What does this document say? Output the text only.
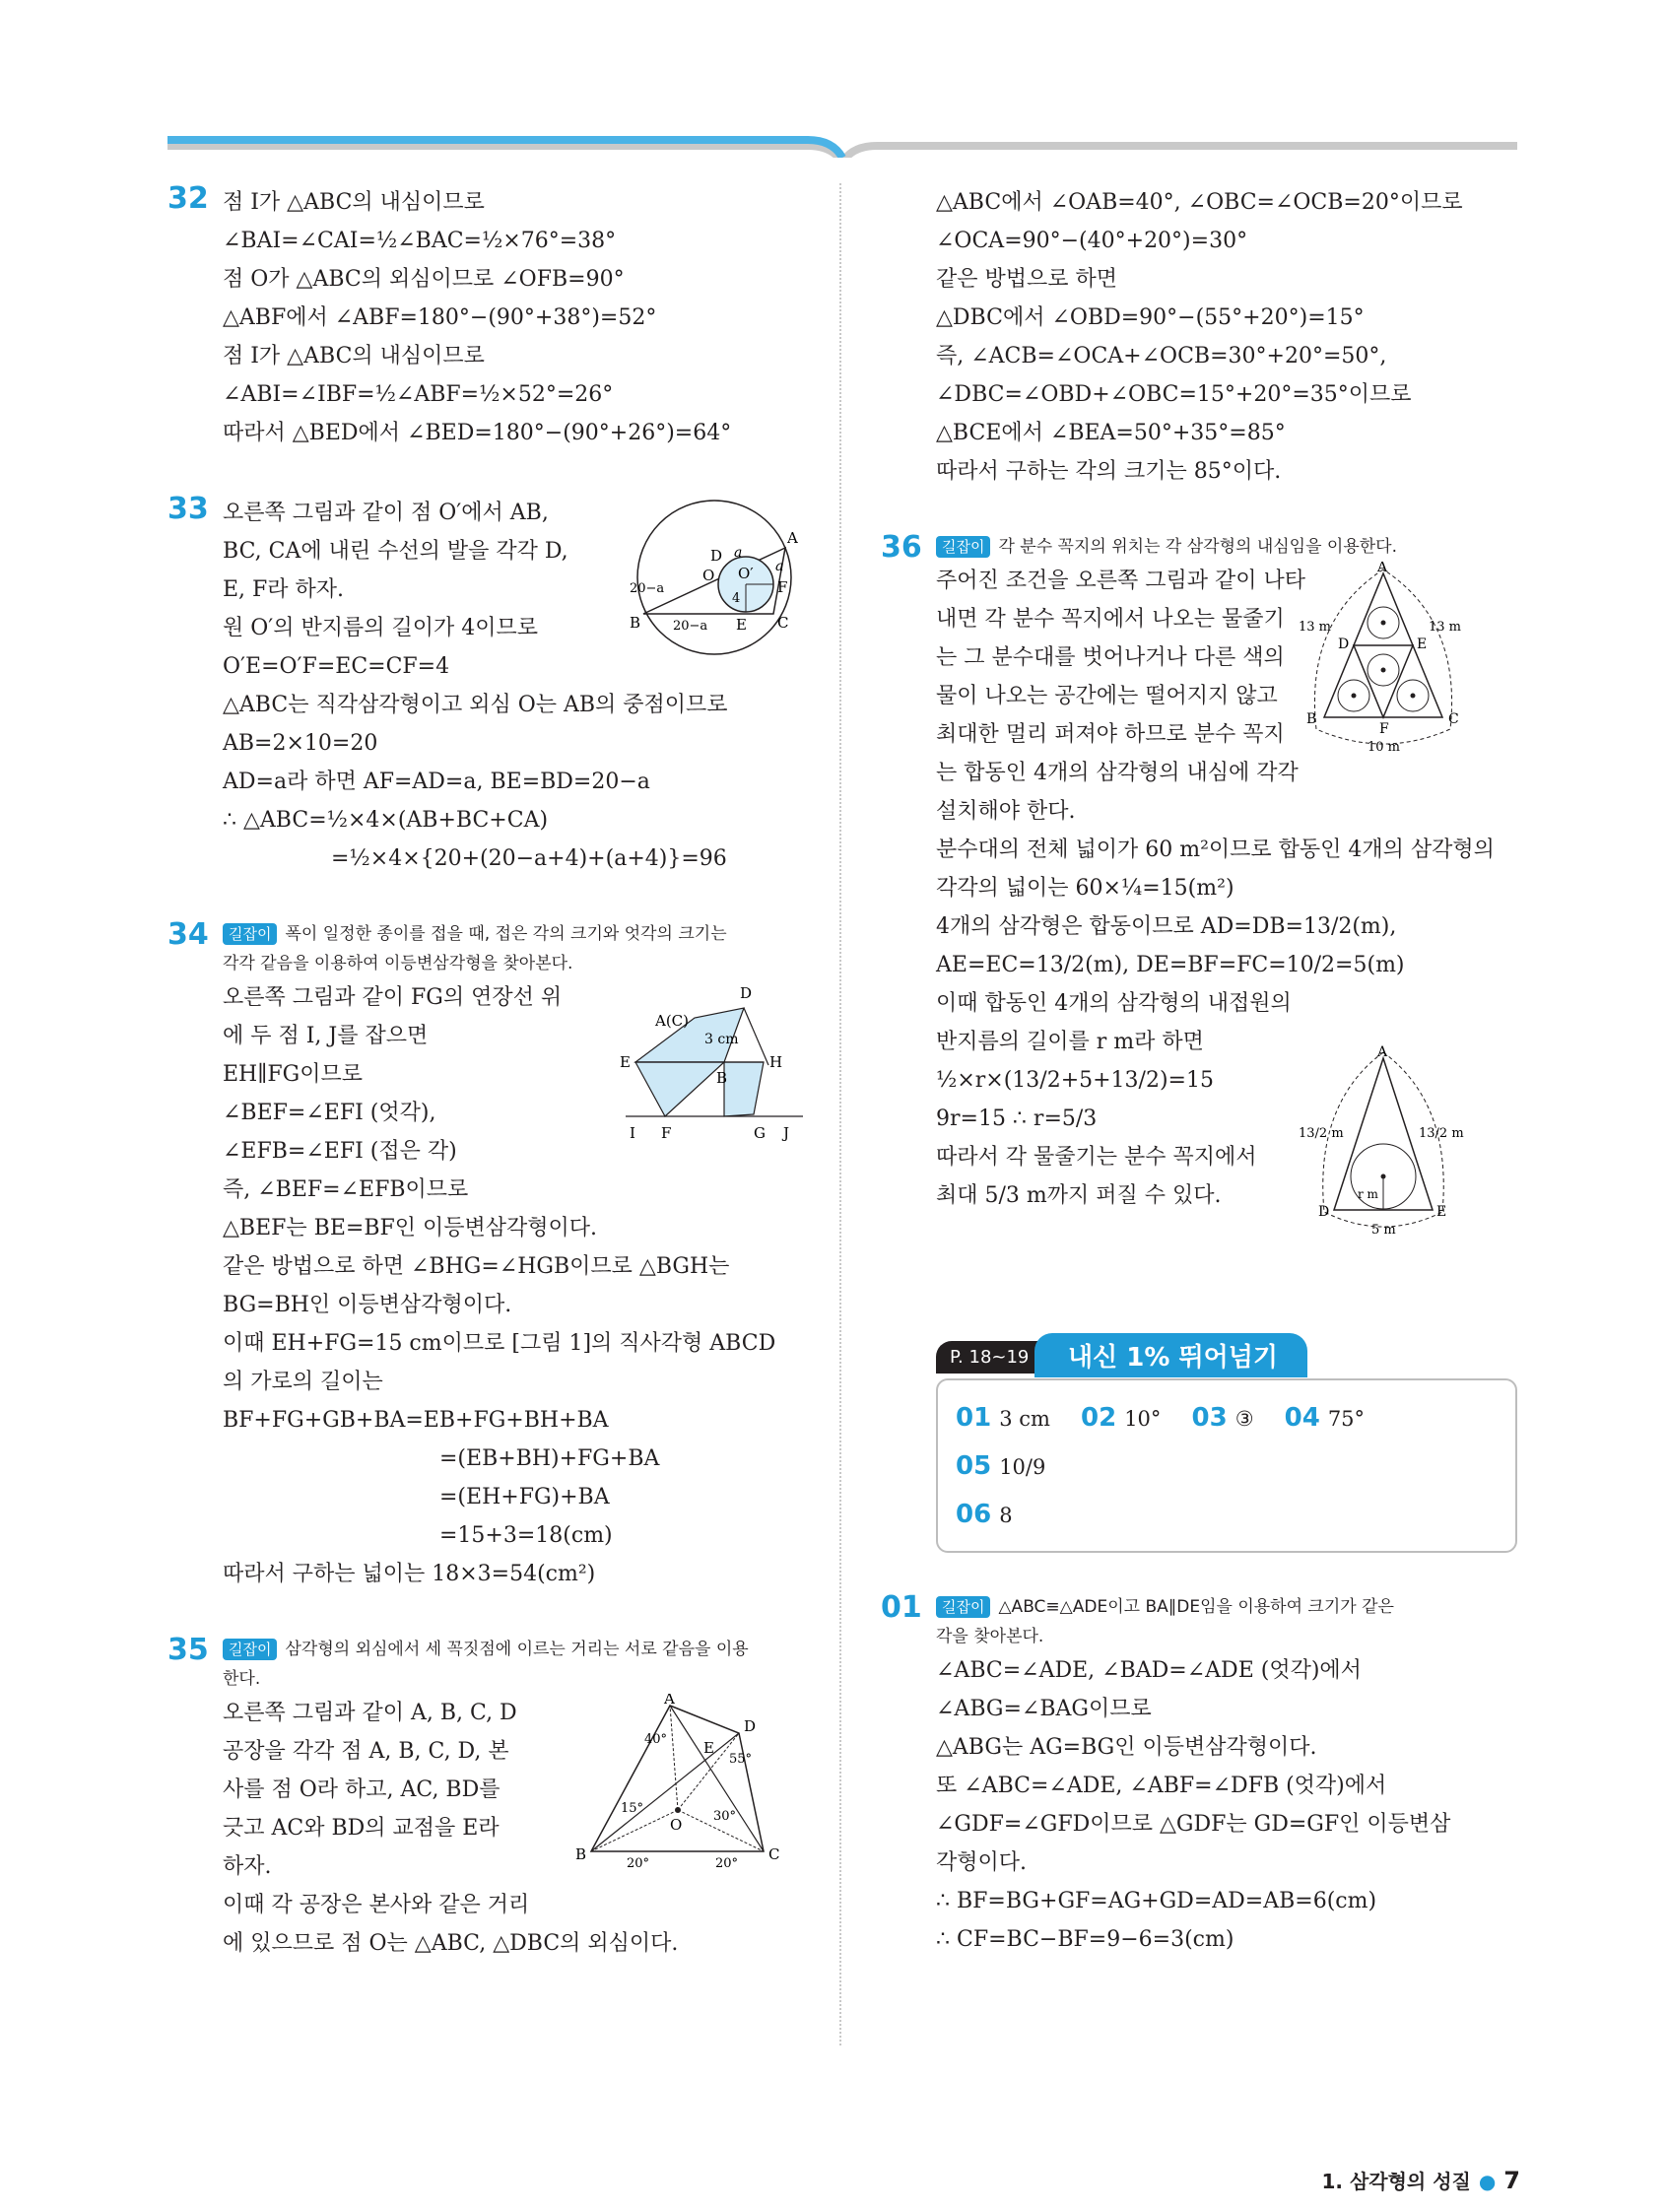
32 점 I가 △ABC의 내심이므로
∠BAI=∠CAI=½∠BAC=½×76°=38°
점 O가 △ABC의 외심이므로 ∠OFB=90°
△ABF에서 ∠ABF=180°−(90°+38°)=52°
점 I가 △ABC의 내심이므로
∠ABI=∠IBF=½∠ABF=½×52°=26°
따라서 △BED에서 ∠BED=180°−(90°+26°)=64°
33 오른쪽 그림과 같이 점 O′에서 AB,
BC, CA에 내린 수선의 발을 각각 D,
E, F라 하자.
원 O′의 반지름의 길이가 4이므로
O′E=O′F=EC=CF=4
△ABC는 직각삼각형이고 외심 O는 AB의 중점이므로
AB=2×10=20
AD=a라 하면 AF=AD=a, BE=BD=20−a
∴ △ABC=½×4×(AB+BC+CA)
=½×4×{20+(20−a+4)+(a+4)}=96
A
B	C
D
E
F
O O′
a
a
4
20−a
20−a
34	길잡이 폭이 일정한 종이를 접을 때, 접은 각의 크기와 엇각의 크기는
각각 같음을 이용하여 이등변삼각형을 찾아본다.
오른쪽 그림과 같이 FG의 연장선 위
에 두 점 I, J를 잡으면
EH∥FG이므로
∠BEF=∠EFI (엇각),
∠EFB=∠EFI (접은 각)
즉, ∠BEF=∠EFB이므로
△BEF는 BE=BF인 이등변삼각형이다.
같은 방법으로 하면 ∠BHG=∠HGB이므로 △BGH는
BG=BH인 이등변삼각형이다.
이때 EH+FG=15 cm이므로 [그림 1]의 직사각형 ABCD
의 가로의 길이는
BF+FG+GB+BA=EB+FG+BH+BA
=(EB+BH)+FG+BA
=(EH+FG)+BA
=15+3=18(cm)
따라서 구하는 넓이는 18×3=54(cm²)
D
A(C)
3 cm
E	H
B
I F	G J
35	길잡이 삼각형의 외심에서 세 꼭짓점에 이르는 거리는 서로 같음을 이용
한다.
오른쪽 그림과 같이 A, B, C, D
공장을 각각 점 A, B, C, D, 본
사를 점 O라 하고, AC, BD를
긋고 AC와 BD의 교점을 E라
하자.
이때 각 공장은 본사와 같은 거리
에 있으므로 점 O는 △ABC, △DBC의 외심이다.
A
B	C
D
E
O
40°
55°
15°
30°
20°	20°
△ABC에서 ∠OAB=40°, ∠OBC=∠OCB=20°이므로
∠OCA=90°−(40°+20°)=30°
같은 방법으로 하면
△DBC에서 ∠OBD=90°−(55°+20°)=15°
즉, ∠ACB=∠OCA+∠OCB=30°+20°=50°,
∠DBC=∠OBD+∠OBC=15°+20°=35°이므로
△BCE에서 ∠BEA=50°+35°=85°
따라서 구하는 각의 크기는 85°이다.
36	길잡이 각 분수 꼭지의 위치는 각 삼각형의 내심임을 이용한다.
주어진 조건을 오른쪽 그림과 같이 나타
내면 각 분수 꼭지에서 나오는 물줄기
는 그 분수대를 벗어나거나 다른 색의
물이 나오는 공간에는 떨어지지 않고
최대한 멀리 퍼져야 하므로 분수 꼭지
는 합동인 4개의 삼각형의 내심에 각각
설치해야 한다.
분수대의 전체 넓이가 60 m²이므로 합동인 4개의 삼각형의
각각의 넓이는 60×¼=15(m²)
4개의 삼각형은 합동이므로 AD=DB=13/2(m),
AE=EC=13/2(m), DE=BF=FC=10/2=5(m)
이때 합동인 4개의 삼각형의 내접원의
반지름의 길이를 r m라 하면
½×r×(13/2+5+13/2)=15
9r=15 ∴ r=5/3
따라서 각 물줄기는 분수 꼭지에서
최대 5/3 m까지 퍼질 수 있다.
A
B	C
D	E
F
13 m	13 m
10 m
A
D	E
13/2 m	13/2 m
5 m
r m
P. 18~19	내신 1% 뛰어넘기
01 3 cm 02 10° 03 ③ 04 75° 05 10/9
06 8
01	길잡이 △ABC≡△ADE이고 BA∥DE임을 이용하여 크기가 같은
각을 찾아본다.
∠ABC=∠ADE, ∠BAD=∠ADE (엇각)에서
∠ABG=∠BAG이므로
△ABG는 AG=BG인 이등변삼각형이다.
또 ∠ABC=∠ADE, ∠ABF=∠DFB (엇각)에서
∠GDF=∠GFD이므로 △GDF는 GD=GF인 이등변삼
각형이다.
∴ BF=BG+GF=AG+GD=AD=AB=6(cm)
∴ CF=BC−BF=9−6=3(cm)
1. 삼각형의 성질 ● 7
